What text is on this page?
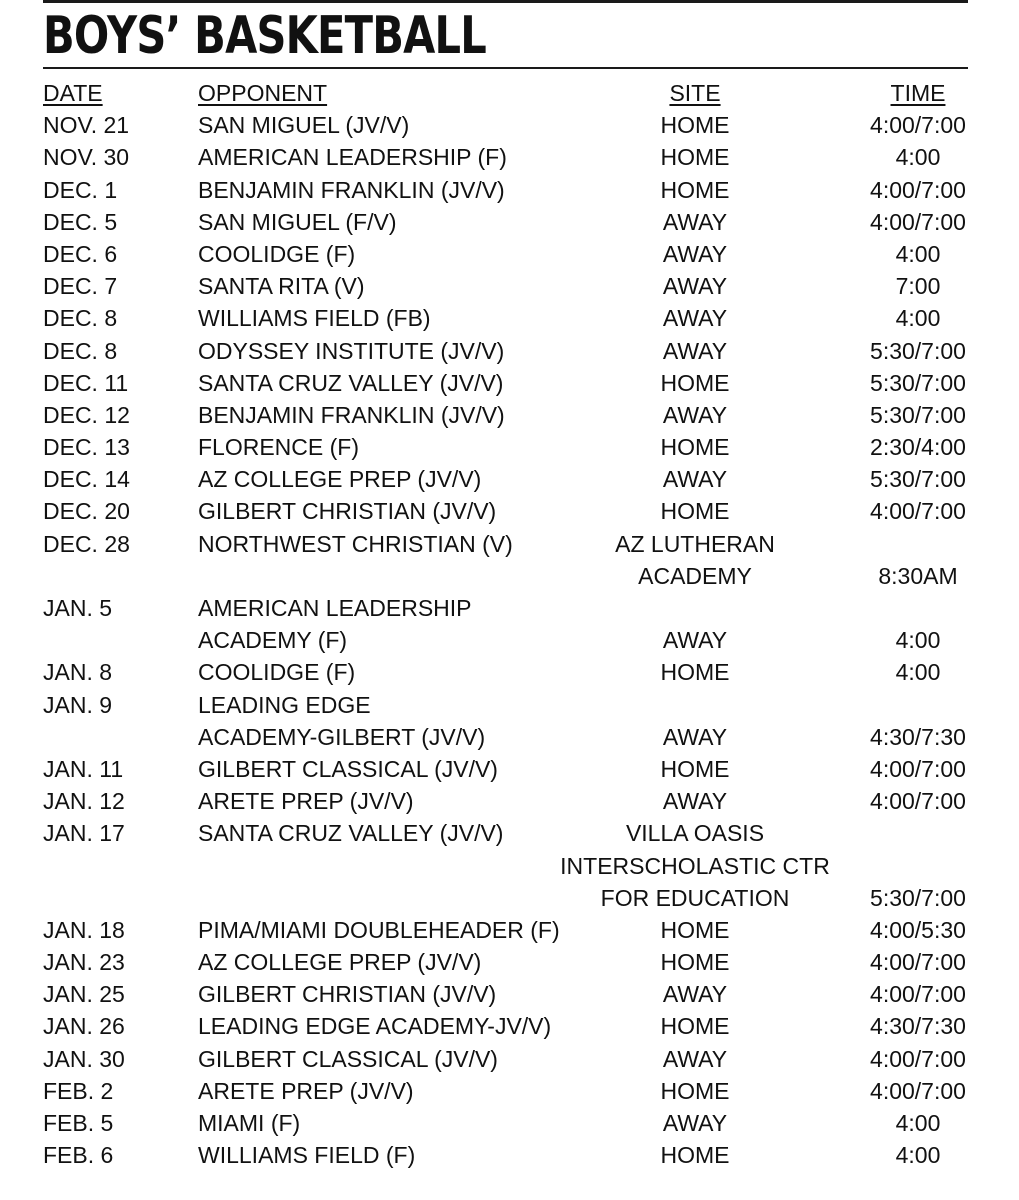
BOYS’ BASKETBALL
DATE	OPPONENT	SITE	TIME
NOV. 21	SAN MIGUEL (JV/V)	HOME	4:00/7:00
NOV. 30	AMERICAN LEADERSHIP (F)	HOME	4:00
DEC. 1	BENJAMIN FRANKLIN (JV/V)	HOME	4:00/7:00
DEC. 5	SAN MIGUEL (F/V)	AWAY	4:00/7:00
DEC. 6	COOLIDGE (F)	AWAY	4:00
DEC. 7	SANTA RITA (V)	AWAY	7:00
DEC. 8	WILLIAMS FIELD (FB)	AWAY	4:00
DEC. 8	ODYSSEY INSTITUTE (JV/V)	AWAY	5:30/7:00
DEC. 11	SANTA CRUZ VALLEY (JV/V)	HOME	5:30/7:00
DEC. 12	BENJAMIN FRANKLIN (JV/V)	AWAY	5:30/7:00
DEC. 13	FLORENCE (F)	HOME	2:30/4:00
DEC. 14	AZ COLLEGE PREP (JV/V)	AWAY	5:30/7:00
DEC. 20	GILBERT CHRISTIAN (JV/V)	HOME	4:00/7:00
DEC. 28	NORTHWEST CHRISTIAN (V)	AZ LUTHERAN
ACADEMY	8:30AM
JAN. 5	AMERICAN LEADERSHIP
ACADEMY (F)	AWAY	4:00
JAN. 8	COOLIDGE (F)	HOME	4:00
JAN. 9	LEADING EDGE
ACADEMY-GILBERT (JV/V)	AWAY	4:30/7:30
JAN. 11	GILBERT CLASSICAL (JV/V)	HOME	4:00/7:00
JAN. 12	ARETE PREP (JV/V)	AWAY	4:00/7:00
JAN. 17	SANTA CRUZ VALLEY (JV/V)	VILLA OASIS
INTERSCHOLASTIC CTR
FOR EDUCATION	5:30/7:00
JAN. 18	PIMA/MIAMI DOUBLEHEADER (F)	HOME	4:00/5:30
JAN. 23	AZ COLLEGE PREP (JV/V)	HOME	4:00/7:00
JAN. 25	GILBERT CHRISTIAN (JV/V)	AWAY	4:00/7:00
JAN. 26	LEADING EDGE ACADEMY-JV/V)	HOME	4:30/7:30
JAN. 30	GILBERT CLASSICAL (JV/V)	AWAY	4:00/7:00
FEB. 2	ARETE PREP (JV/V)	HOME	4:00/7:00
FEB. 5	MIAMI (F)	AWAY	4:00
FEB. 6	WILLIAMS FIELD (F)	HOME	4:00
